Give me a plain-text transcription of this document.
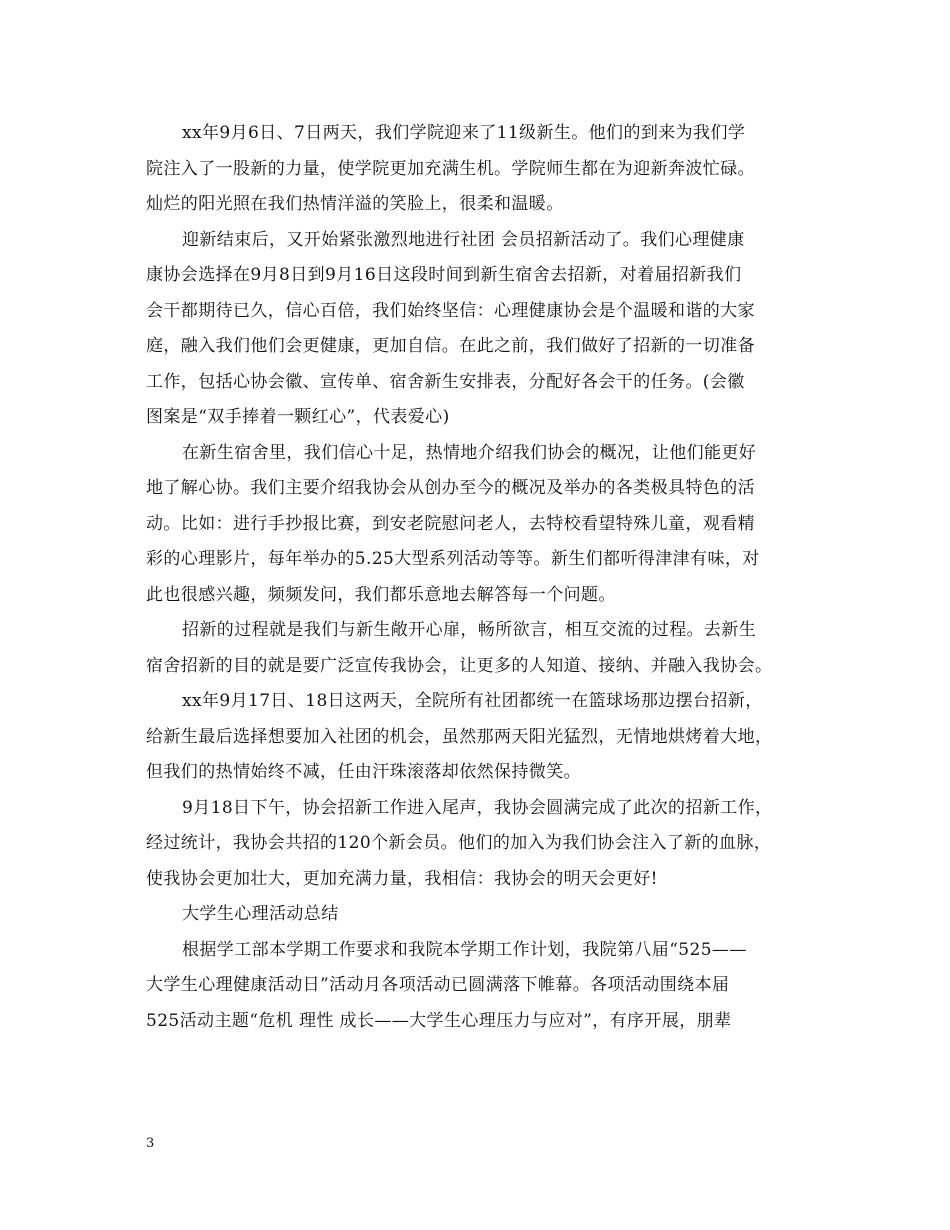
xx年9月6日、7日两天，我们学院迎来了11级新生。他们的到来为我们学
院注入了一股新的力量，使学院更加充满生机。学院师生都在为迎新奔波忙碌。
灿烂的阳光照在我们热情洋溢的笑脸上，很柔和温暖。
迎新结束后，又开始紧张激烈地进行社团 会员招新活动了。我们心理健康
康协会选择在9月8日到9月16日这段时间到新生宿舍去招新，对着届招新我们
会干都期待已久，信心百倍，我们始终坚信：心理健康协会是个温暖和谐的大家
庭，融入我们他们会更健康，更加自信。在此之前，我们做好了招新的一切准备
工作，包括心协会徽、宣传单、宿舍新生安排表，分配好各会干的任务。(会徽
图案是“双手捧着一颗红心”，代表爱心)
在新生宿舍里，我们信心十足，热情地介绍我们协会的概况，让他们能更好
地了解心协。我们主要介绍我协会从创办至今的概况及举办的各类极具特色的活
动。比如：进行手抄报比赛，到安老院慰问老人，去特校看望特殊儿童，观看精
彩的心理影片，每年举办的5.25大型系列活动等等。新生们都听得津津有味，对
此也很感兴趣，频频发问，我们都乐意地去解答每一个问题。
招新的过程就是我们与新生敞开心扉，畅所欲言，相互交流的过程。去新生
宿舍招新的目的就是要广泛宣传我协会，让更多的人知道、接纳、并融入我协会。
xx年9月17日、18日这两天，全院所有社团都统一在篮球场那边摆台招新，
给新生最后选择想要加入社团的机会，虽然那两天阳光猛烈，无情地烘烤着大地，
但我们的热情始终不减，任由汗珠滚落却依然保持微笑。
9月18日下午，协会招新工作进入尾声，我协会圆满完成了此次的招新工作，
经过统计，我协会共招的120个新会员。他们的加入为我们协会注入了新的血脉，
使我协会更加壮大，更加充满力量，我相信：我协会的明天会更好!
大学生心理活动总结
根据学工部本学期工作要求和我院本学期工作计划，我院第八届“525——
大学生心理健康活动日”活动月各项活动已圆满落下帷幕。各项活动围绕本届
525活动主题“危机 理性 成长——大学生心理压力与应对”，有序开展，朋辈
3
